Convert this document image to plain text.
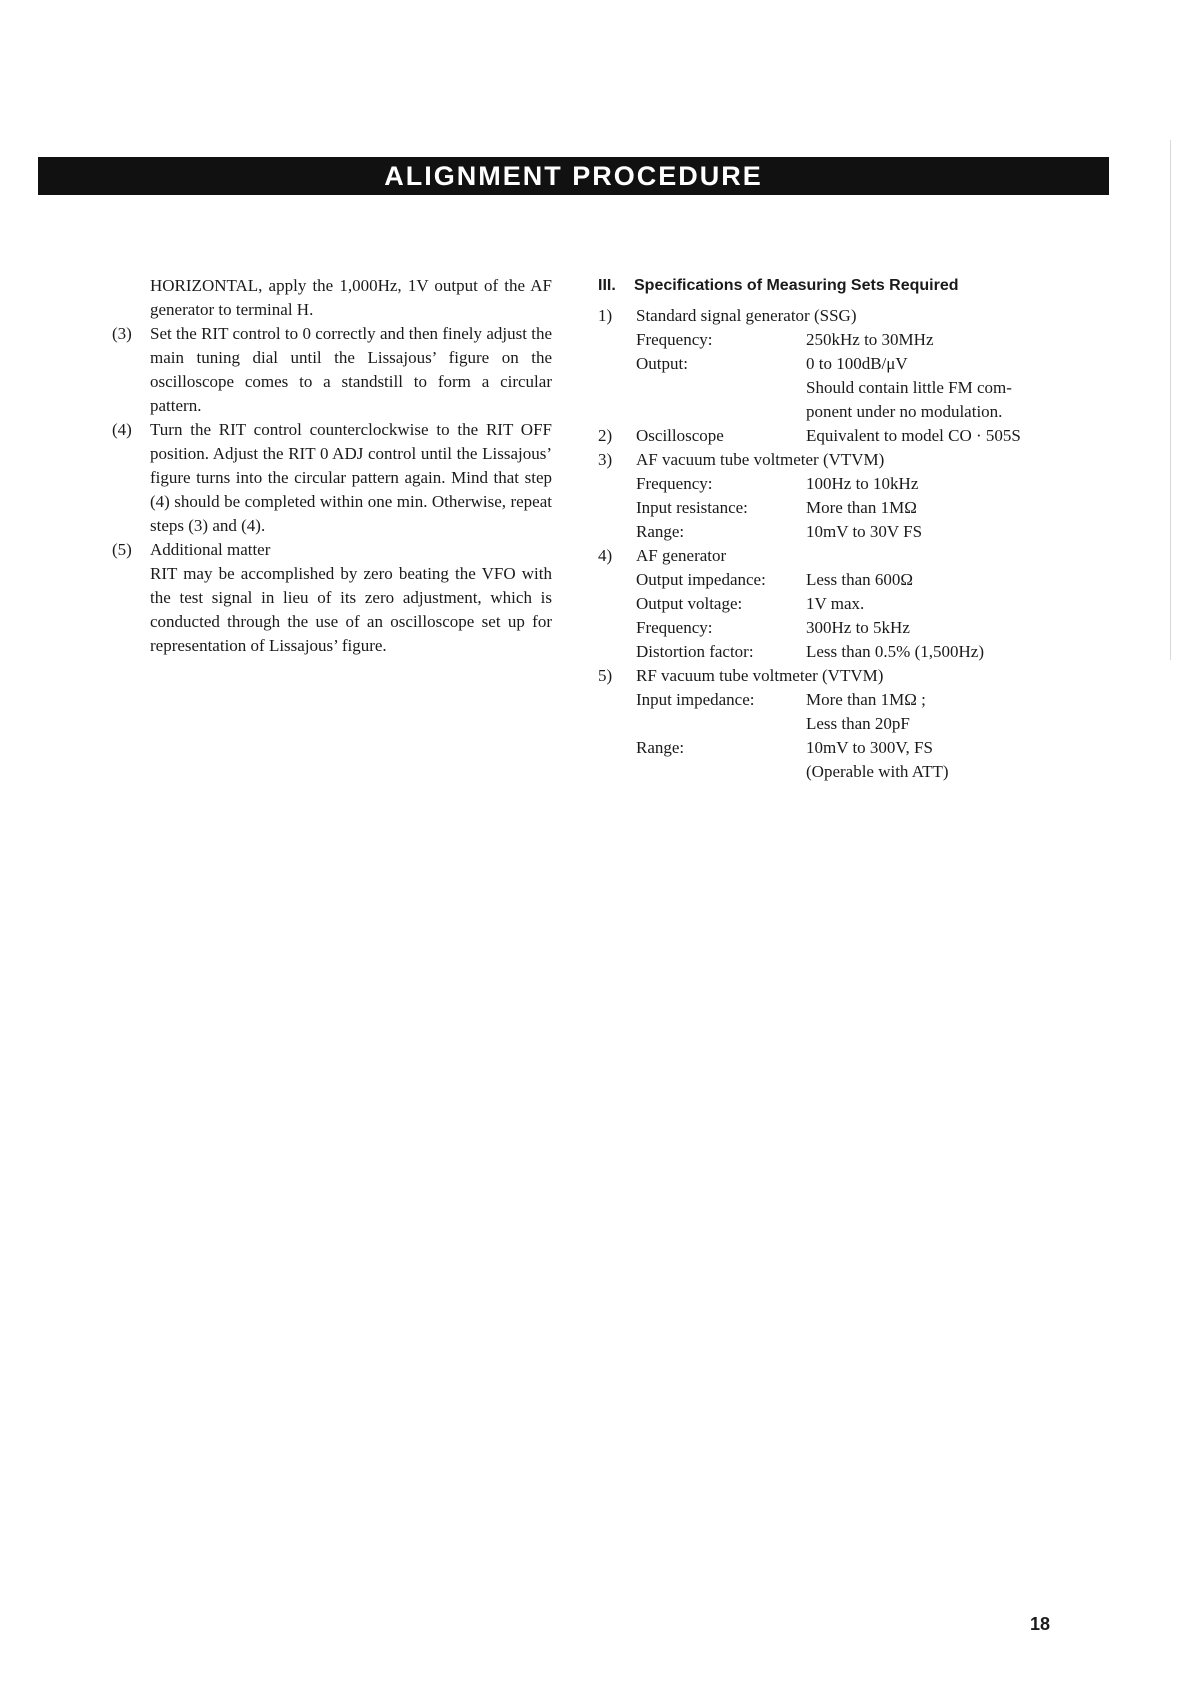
ALIGNMENT PROCEDURE
HORIZONTAL, apply the 1,000Hz, 1V output of the AF generator to terminal H.
(3)	Set the RIT control to 0 correctly and then finely adjust the main tuning dial until the Lissajous’ figure on the oscilloscope comes to a standstill to form a circular pattern.
(4)	Turn the RIT control counterclockwise to the RIT OFF position. Adjust the RIT 0 ADJ control until the Lissajous’ figure turns into the circular pattern again. Mind that step (4) should be completed within one min. Otherwise, repeat steps (3) and (4).
(5)	Additional matter
RIT may be accomplished by zero beating the VFO with the test signal in lieu of its zero adjustment, which is conducted through the use of an oscilloscope set up for representation of Lissajous’ figure.
III. Specifications of Measuring Sets Required
1)	Standard signal generator (SSG)
Frequency:	250kHz to 30MHz
Output:	0 to 100dB/μV
Should contain little FM com-
ponent under no modulation.
2)	Oscilloscope	Equivalent to model CO · 505S
3)	AF vacuum tube voltmeter (VTVM)
Frequency:	100Hz to 10kHz
Input resistance:	More than 1MΩ
Range:	10mV to 30V FS
4)	AF generator
Output impedance:	Less than 600Ω
Output voltage:	1V max.
Frequency:	300Hz to 5kHz
Distortion factor:	Less than 0.5% (1,500Hz)
5)	RF vacuum tube voltmeter (VTVM)
Input impedance:	More than 1MΩ ;
Less than 20pF
Range:	10mV to 300V, FS
(Operable with ATT)
18
